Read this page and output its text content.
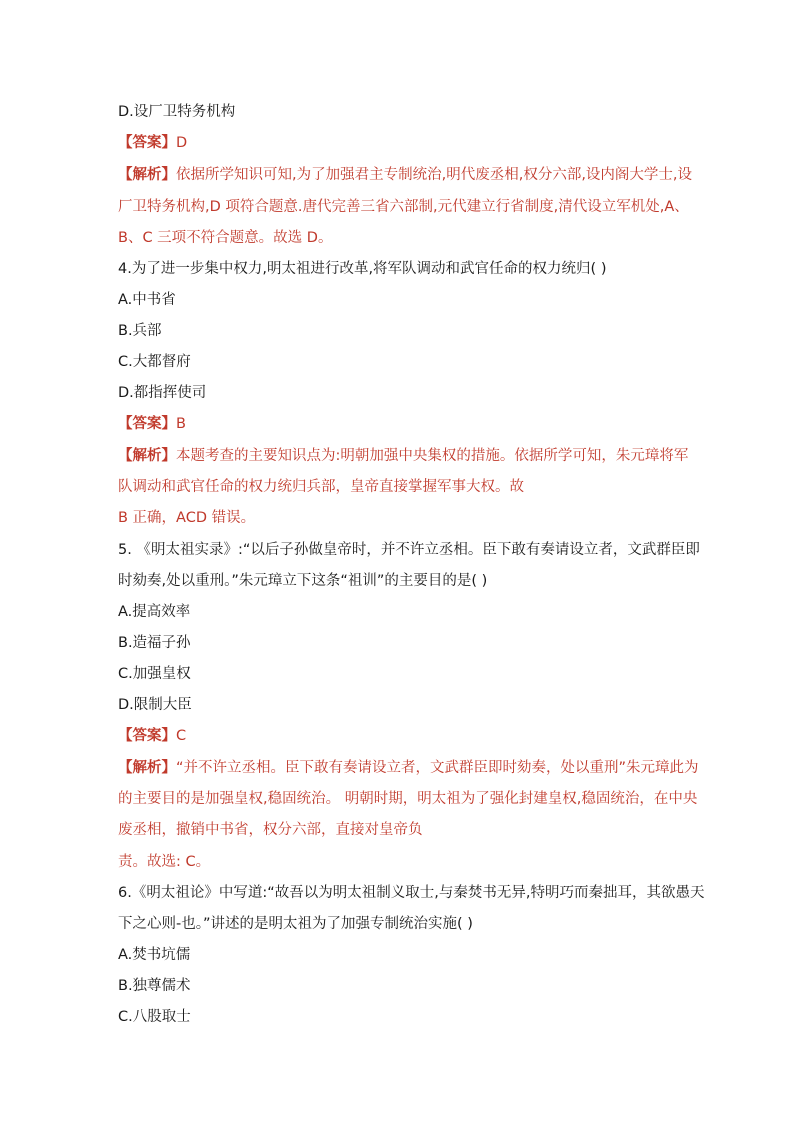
D.设厂卫特务机构
【答案】D
【解析】依据所学知识可知,为了加强君主专制统治,明代废丞相,权分六部,设内阁大学士,设
厂卫特务机构,D 项符合题意.唐代完善三省六部制,元代建立行省制度,清代设立军机处,A、
B、C 三项不符合题意。故选 D。
4.为了进一步集中权力,明太祖进行改革,将军队调动和武官任命的权力统归( )
A.中书省
B.兵部
C.大都督府
D.都指挥使司
【答案】B
【解析】本题考查的主要知识点为:明朝加强中央集权的措施。依据所学可知，朱元璋将军
队调动和武官任命的权力统归兵部，皇帝直接掌握军事大权。故
B 正确，ACD 错误。
5. 《明太祖实录》:“以后子孙做皇帝时，并不许立丞相。臣下敢有奏请设立者，文武群臣即
时劾奏,处以重刑。”朱元璋立下这条“祖训”的主要目的是( )
A.提高效率
B.造福子孙
C.加强皇权
D.限制大臣
【答案】C
【解析】“并不许立丞相。臣下敢有奏请设立者，文武群臣即时劾奏，处以重刑”朱元璋此为
的主要目的是加强皇权,稳固统治。 明朝时期，明太祖为了强化封建皇权,稳固统治，在中央
废丞相，撤销中书省，权分六部，直接对皇帝负
责。故选: C。
6.《明太祖论》中写道:“故吾以为明太祖制义取士,与秦焚书无异,特明巧而秦拙耳，其欲愚天
下之心则-也。”讲述的是明太祖为了加强专制统治实施( )
A.焚书坑儒
B.独尊儒术
C.八股取士
